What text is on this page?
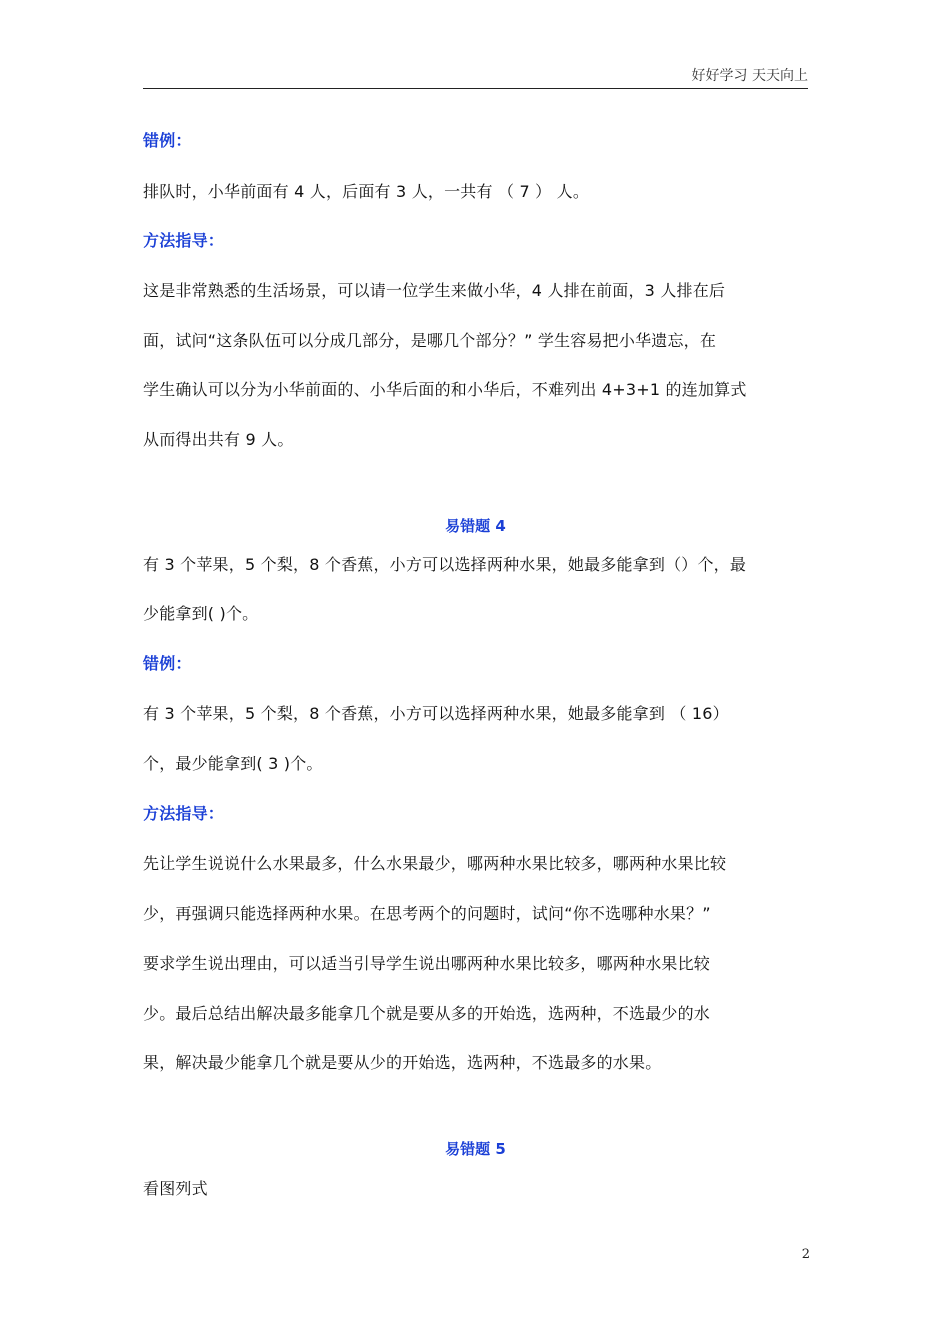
好好学习 天天向上
错例：
排队时，小华前面有 4 人，后面有 3 人，一共有 （ 7 ） 人。
方法指导：
这是非常熟悉的生活场景，可以请一位学生来做小华，4 人排在前面，3 人排在后
面，试问“这条队伍可以分成几部分，是哪几个部分？” 学生容易把小华遗忘，在
学生确认可以分为小华前面的、小华后面的和小华后，不难列出 4+3+1 的连加算式
从而得出共有 9 人。
易错题 4
有 3 个苹果，5 个梨，8 个香蕉，小方可以选择两种水果，她最多能拿到（）个，最
少能拿到( )个。
错例：
有 3 个苹果，5 个梨，8 个香蕉，小方可以选择两种水果，她最多能拿到 （ 16）
个，最少能拿到( 3 )个。
方法指导：
先让学生说说什么水果最多，什么水果最少，哪两种水果比较多，哪两种水果比较
少，再强调只能选择两种水果。在思考两个的问题时，试问“你不选哪种水果？”
要求学生说出理由，可以适当引导学生说出哪两种水果比较多，哪两种水果比较
少。最后总结出解决最多能拿几个就是要从多的开始选，选两种，不选最少的水
果，解决最少能拿几个就是要从少的开始选，选两种，不选最多的水果。
易错题 5
看图列式
2
